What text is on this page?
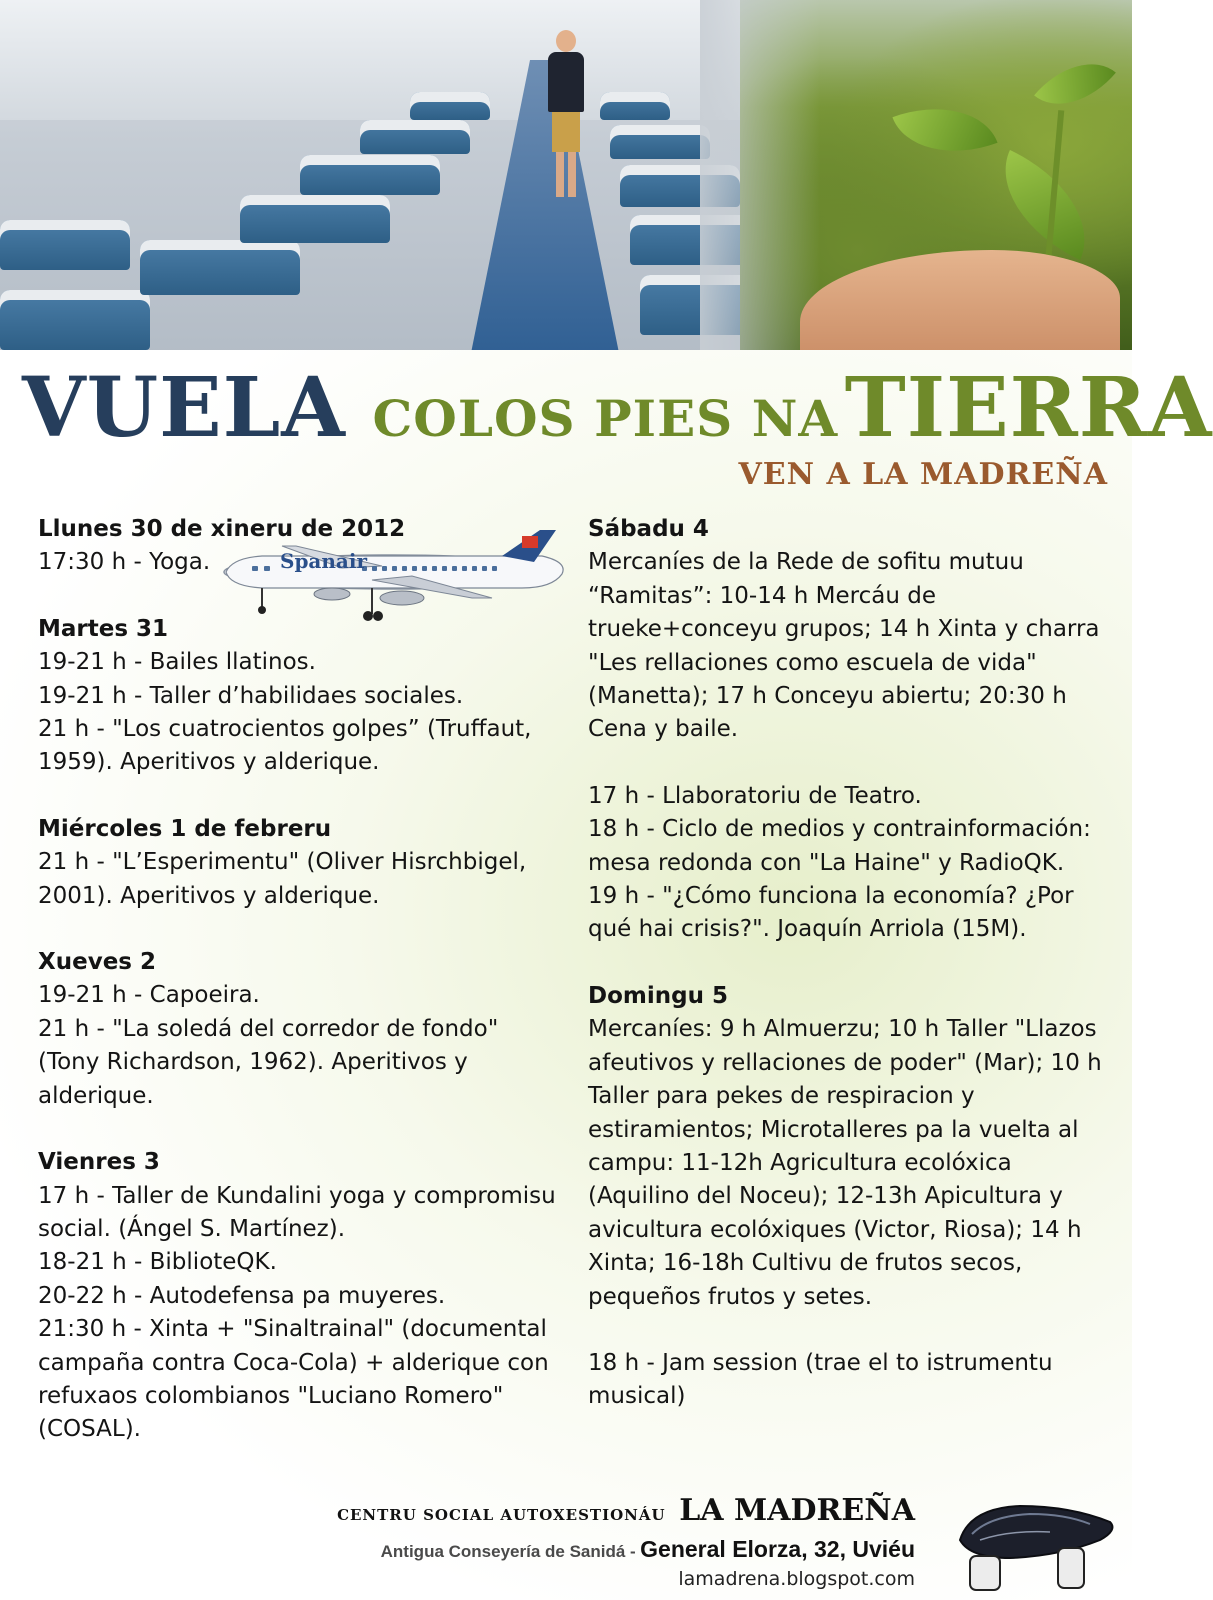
VUELA COLOS PIES NA TIERRA
VEN A LA MADREÑA
Llunes 30 de xineru de 2012
17:30 h - Yoga.
Martes 31
19-21 h - Bailes llatinos.
19-21 h - Taller d’habilidaes sociales.
21 h - "Los cuatrocientos golpes” (Truffaut, 1959). Aperitivos y alderique.
Miércoles 1 de febreru
21 h - "L’Esperimentu" (Oliver Hisrchbigel, 2001). Aperitivos y alderique.
Xueves 2
19-21 h - Capoeira.
21 h - "La soledá del corredor de fondo" (Tony Richardson, 1962). Aperitivos y alderique.
Vienres 3
17 h - Taller de Kundalini yoga y compromisu social. (Ángel S. Martínez).
18-21 h - BiblioteQK.
20-22 h - Autodefensa pa muyeres.
21:30 h - Xinta + "Sinaltrainal" (documental campaña contra Coca-Cola) + alderique con refuxaos colombianos "Luciano Romero" (COSAL).
Spanair
Sábadu 4
Mercaníes de la Rede de sofitu mutuu “Ramitas”: 10-14 h Mercáu de trueke+conceyu grupos; 14 h Xinta y charra "Les rellaciones como escuela de vida" (Manetta); 17 h Conceyu abiertu; 20:30 h Cena y baile.
17 h - Llaboratoriu de Teatro.
18 h - Ciclo de medios y contrainformación: mesa redonda con "La Haine" y RadioQK.
19 h - "¿Cómo funciona la economía? ¿Por qué hai crisis?". Joaquín Arriola (15M).
Domingu 5
Mercaníes: 9 h Almuerzu; 10 h Taller "Llazos afeutivos y rellaciones de poder" (Mar); 10 h Taller para pekes de respiracion y estiramientos; Microtalleres pa la vuelta al campu: 11-12h Agricultura ecolóxica (Aquilino del Noceu); 12-13h Apicultura y avicultura ecolóxiques (Victor, Riosa); 14 h Xinta; 16-18h Cultivu de frutos secos, pequeños frutos y setes.
18 h - Jam session (trae el to istrumentu musical)
CENTRU SOCIAL AUTOXESTIONÁU LA MADREÑA
Antigua Conseyería de Sanidá - General Elorza, 32, Uviéu
lamadrena.blogspot.com
